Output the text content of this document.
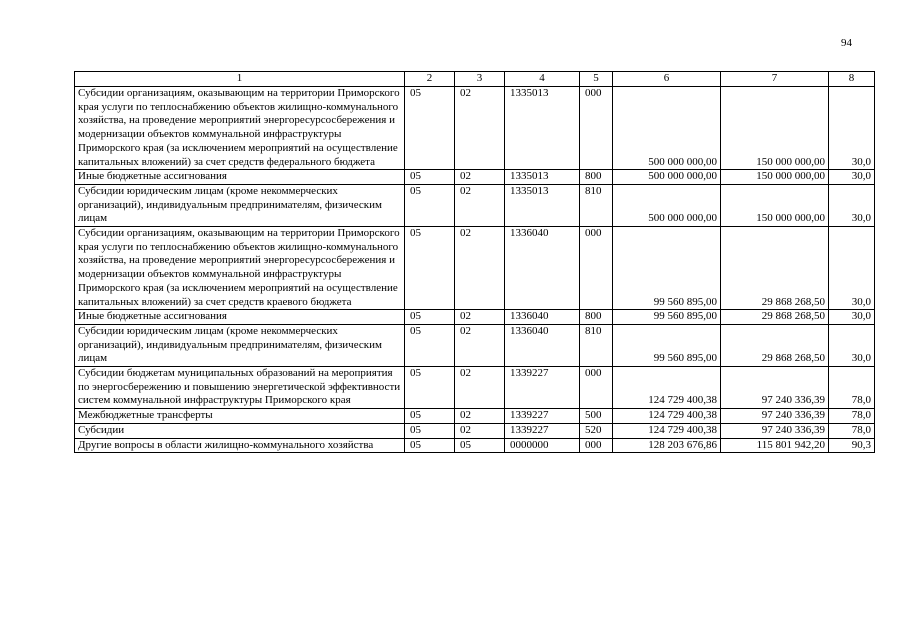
94
1	2	3	4	5	6	7	8
Субсидии организациям, оказывающим на территории Приморского края услуги по теплоснабжению объектов жилищно-коммунального хозяйства, на проведение мероприятий энергоресурсосбережения и модернизации объектов коммунальной инфраструктуры Приморского края (за исключением мероприятий на осуществление капитальных вложений) за счет средств федерального бюджета	05	02	1335013	000	500 000 000,00	150 000 000,00	30,0
Иные бюджетные ассигнования	05	02	1335013	800	500 000 000,00	150 000 000,00	30,0
Субсидии юридическим лицам (кроме некоммерческих организаций), индивидуальным предпринимателям, физическим лицам	05	02	1335013	810	500 000 000,00	150 000 000,00	30,0
Субсидии организациям, оказывающим на территории Приморского края услуги по теплоснабжению объектов жилищно-коммунального хозяйства, на проведение мероприятий энергоресурсосбережения и модернизации объектов коммунальной инфраструктуры Приморского края (за исключением мероприятий на осуществление капитальных вложений) за счет средств краевого бюджета	05	02	1336040	000	99 560 895,00	29 868 268,50	30,0
Иные бюджетные ассигнования	05	02	1336040	800	99 560 895,00	29 868 268,50	30,0
Субсидии юридическим лицам (кроме некоммерческих организаций), индивидуальным предпринимателям, физическим лицам	05	02	1336040	810	99 560 895,00	29 868 268,50	30,0
Субсидии бюджетам муниципальных образований на мероприятия по энергосбережению и повышению энергетической эффективности систем коммунальной инфраструктуры Приморского края	05	02	1339227	000	124 729 400,38	97 240 336,39	78,0
Межбюджетные трансферты	05	02	1339227	500	124 729 400,38	97 240 336,39	78,0
Субсидии	05	02	1339227	520	124 729 400,38	97 240 336,39	78,0
Другие вопросы в области жилищно-коммунального хозяйства	05	05	0000000	000	128 203 676,86	115 801 942,20	90,3
